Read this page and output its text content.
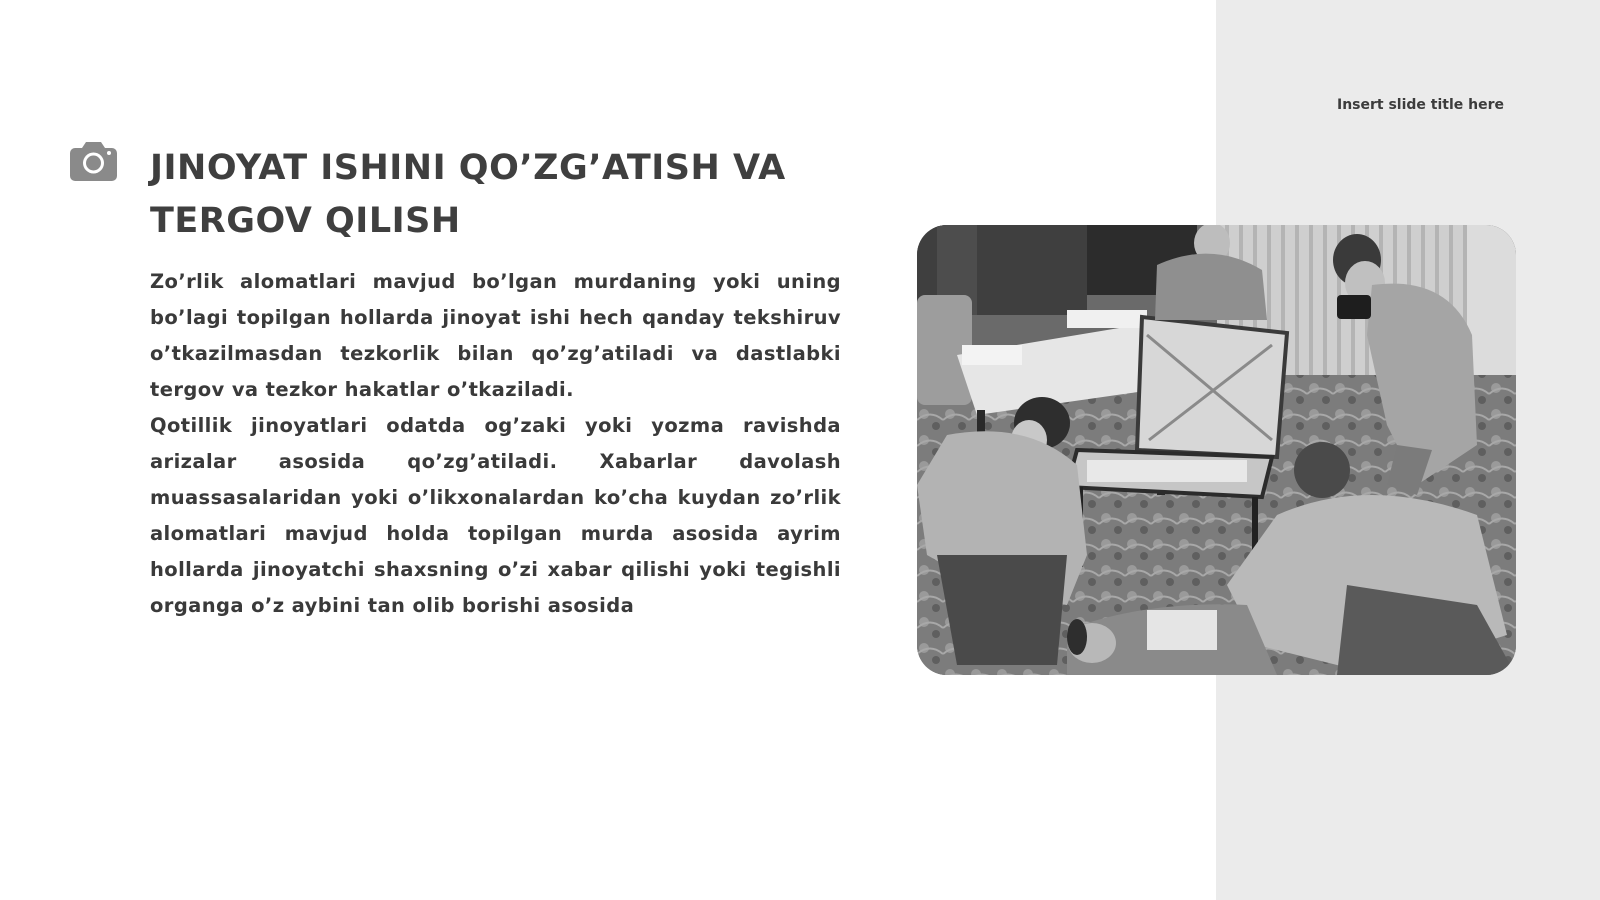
Insert slide title here
JINOYAT ISHINI QO’ZG’ATISH VA TERGOV QILISH

Zo’rlik alomatlari mavjud bo’lgan murdaning yoki uning bo’lagi topilgan hollarda jinoyat ishi hech qanday tekshiruv o’tkazilmasdan tezkorlik bilan qo’zg’atiladi va dastlabki tergov va tezkor hakatlar o’tkaziladi.

Qotillik jinoyatlari odatda og’zaki yoki yozma ravishda arizalar asosida qo’zg’atiladi. Xabarlar davolash muassasalaridan yoki o’likxonalardan ko’cha kuydan zo’rlik alomatlari mavjud holda topilgan murda asosida ayrim hollarda jinoyatchi shaxsning o’zi xabar qilishi yoki tegishli organga o’z aybini tan olib borishi asosida
